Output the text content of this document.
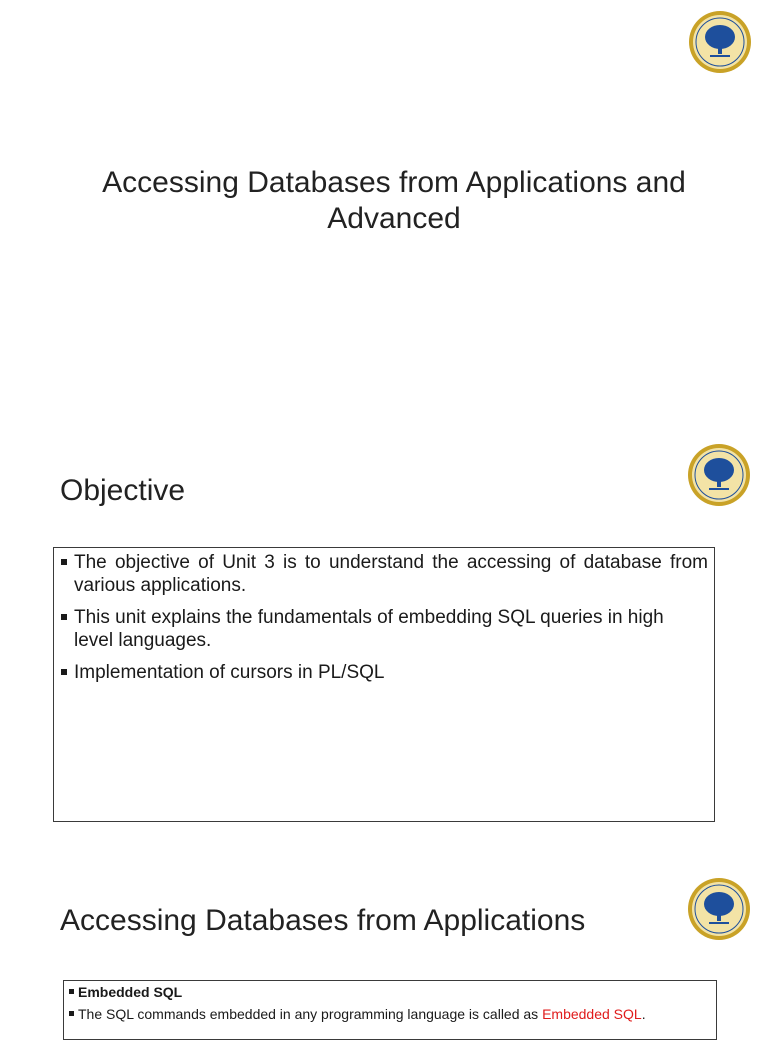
Accessing Databases from Applications and Advanced
Objective
The objective of Unit 3 is to understand the accessing of database from various applications.
This unit explains the fundamentals of embedding SQL queries in high level languages.
Implementation of cursors in PL/SQL
Accessing Databases from Applications
Embedded SQL
The SQL commands embedded in any programming language is called as Embedded SQL.
